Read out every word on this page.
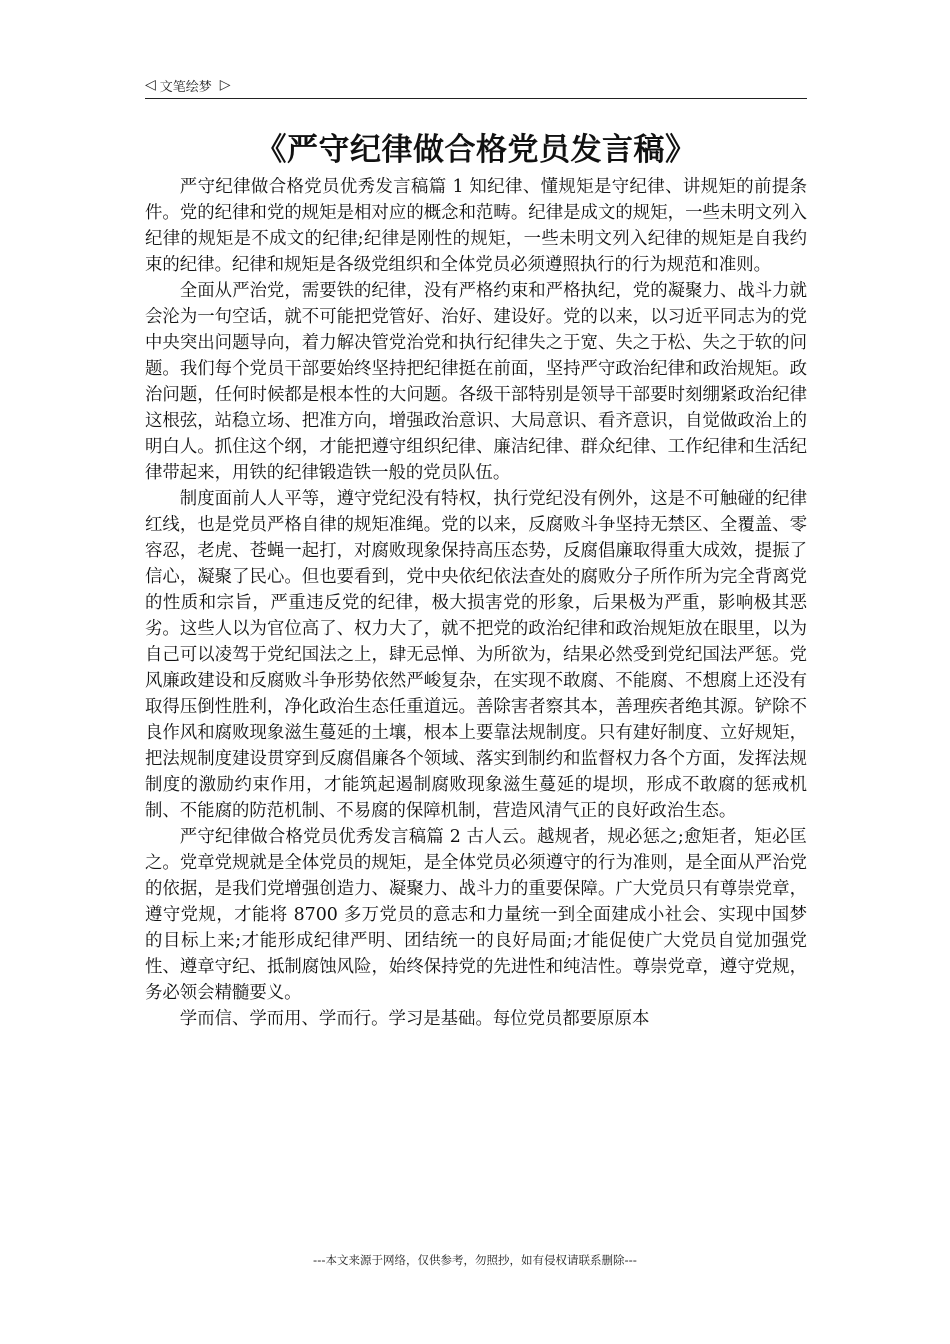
◁ 文笔绘梦 ▷
《严守纪律做合格党员发言稿》

严守纪律做合格党员优秀发言稿篇 1 知纪律、懂规矩是守纪律、讲规矩的前提条件。党的纪律和党的规矩是相对应的概念和范畴。纪律是成文的规矩，一些未明文列入纪律的规矩是不成文的纪律;纪律是刚性的规矩，一些未明文列入纪律的规矩是自我约束的纪律。纪律和规矩是各级党组织和全体党员必须遵照执行的行为规范和准则。

全面从严治党，需要铁的纪律，没有严格约束和严格执纪，党的凝聚力、战斗力就会沦为一句空话，就不可能把党管好、治好、建设好。党的以来，以习近平同志为的党中央突出问题导向，着力解决管党治党和执行纪律失之于宽、失之于松、失之于软的问题。我们每个党员干部要始终坚持把纪律挺在前面，坚持严守政治纪律和政治规矩。政治问题，任何时候都是根本性的大问题。各级干部特别是领导干部要时刻绷紧政治纪律这根弦，站稳立场、把准方向，增强政治意识、大局意识、看齐意识，自觉做政治上的明白人。抓住这个纲，才能把遵守组织纪律、廉洁纪律、群众纪律、工作纪律和生活纪律带起来，用铁的纪律锻造铁一般的党员队伍。

制度面前人人平等，遵守党纪没有特权，执行党纪没有例外，这是不可触碰的纪律红线，也是党员严格自律的规矩准绳。党的以来，反腐败斗争坚持无禁区、全覆盖、零容忍，老虎、苍蝇一起打，对腐败现象保持高压态势，反腐倡廉取得重大成效，提振了信心，凝聚了民心。但也要看到，党中央依纪依法查处的腐败分子所作所为完全背离党的性质和宗旨，严重违反党的纪律，极大损害党的形象，后果极为严重，影响极其恶劣。这些人以为官位高了、权力大了，就不把党的政治纪律和政治规矩放在眼里，以为自己可以凌驾于党纪国法之上，肆无忌惮、为所欲为，结果必然受到党纪国法严惩。党风廉政建设和反腐败斗争形势依然严峻复杂，在实现不敢腐、不能腐、不想腐上还没有取得压倒性胜利，净化政治生态任重道远。善除害者察其本，善理疾者绝其源。铲除不良作风和腐败现象滋生蔓延的土壤，根本上要靠法规制度。只有建好制度、立好规矩，把法规制度建设贯穿到反腐倡廉各个领域、落实到制约和监督权力各个方面，发挥法规制度的激励约束作用，才能筑起遏制腐败现象滋生蔓延的堤坝，形成不敢腐的惩戒机制、不能腐的防范机制、不易腐的保障机制，营造风清气正的良好政治生态。

严守纪律做合格党员优秀发言稿篇 2 古人云。越规者，规必惩之;愈矩者，矩必匡之。党章党规就是全体党员的规矩，是全体党员必须遵守的行为准则，是全面从严治党的依据，是我们党增强创造力、凝聚力、战斗力的重要保障。广大党员只有尊崇党章，遵守党规，才能将 8700 多万党员的意志和力量统一到全面建成小社会、实现中国梦的目标上来;才能形成纪律严明、团结统一的良好局面;才能促使广大党员自觉加强党性、遵章守纪、抵制腐蚀风险，始终保持党的先进性和纯洁性。尊崇党章，遵守党规，务必领会精髓要义。

学而信、学而用、学而行。学习是基础。每位党员都要原原本

---本文来源于网络，仅供参考，勿照抄，如有侵权请联系删除---
